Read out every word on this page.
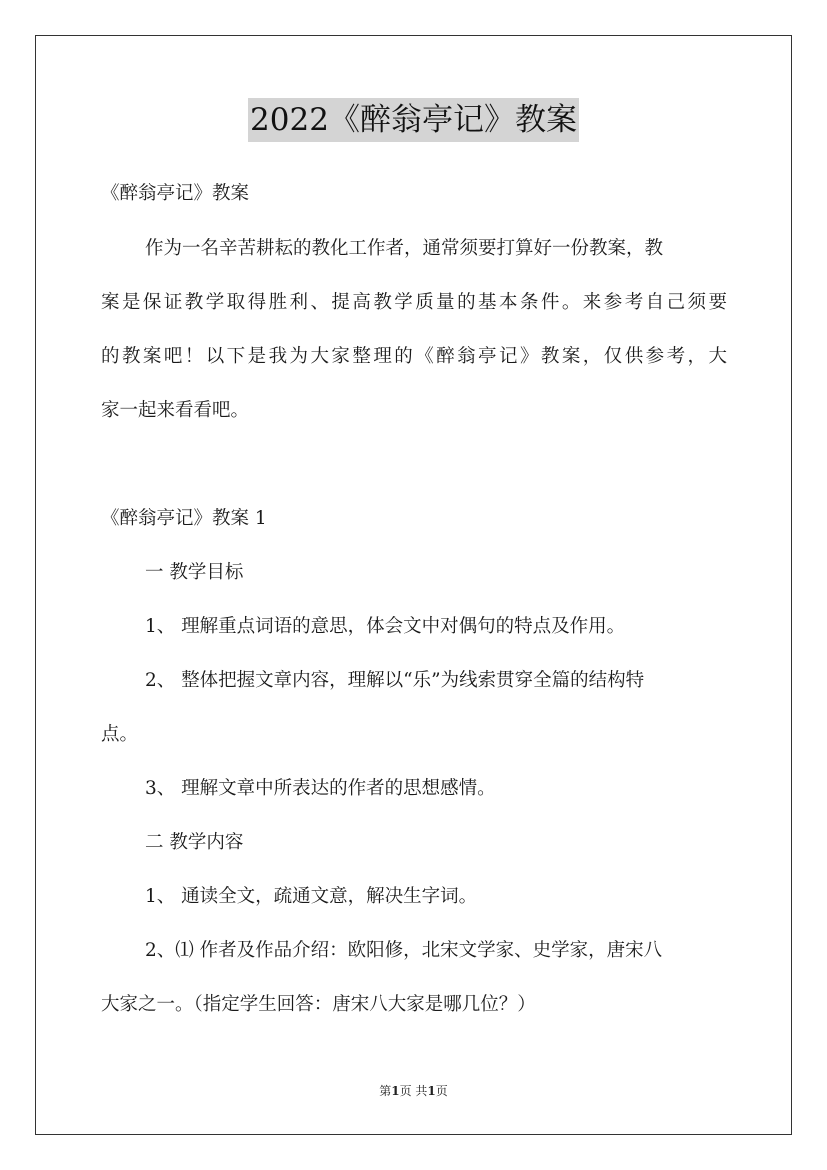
2022《醉翁亭记》教案
《醉翁亭记》教案
作为一名辛苦耕耘的教化工作者，通常须要打算好一份教案，教
案是保证教学取得胜利、提高教学质量的基本条件。来参考自己须要
的教案吧！以下是我为大家整理的《醉翁亭记》教案，仅供参考，大
家一起来看看吧。
《醉翁亭记》教案 1
一 教学目标
1、 理解重点词语的意思，体会文中对偶句的特点及作用。
2、 整体把握文章内容，理解以“乐”为线索贯穿全篇的结构特
点。
3、 理解文章中所表达的作者的思想感情。
二 教学内容
1、 通读全文，疏通文意，解决生字词。
2、⑴ 作者及作品介绍：欧阳修，北宋文学家、史学家，唐宋八
大家之一。（指定学生回答：唐宋八大家是哪几位？）
第1页 共1页
